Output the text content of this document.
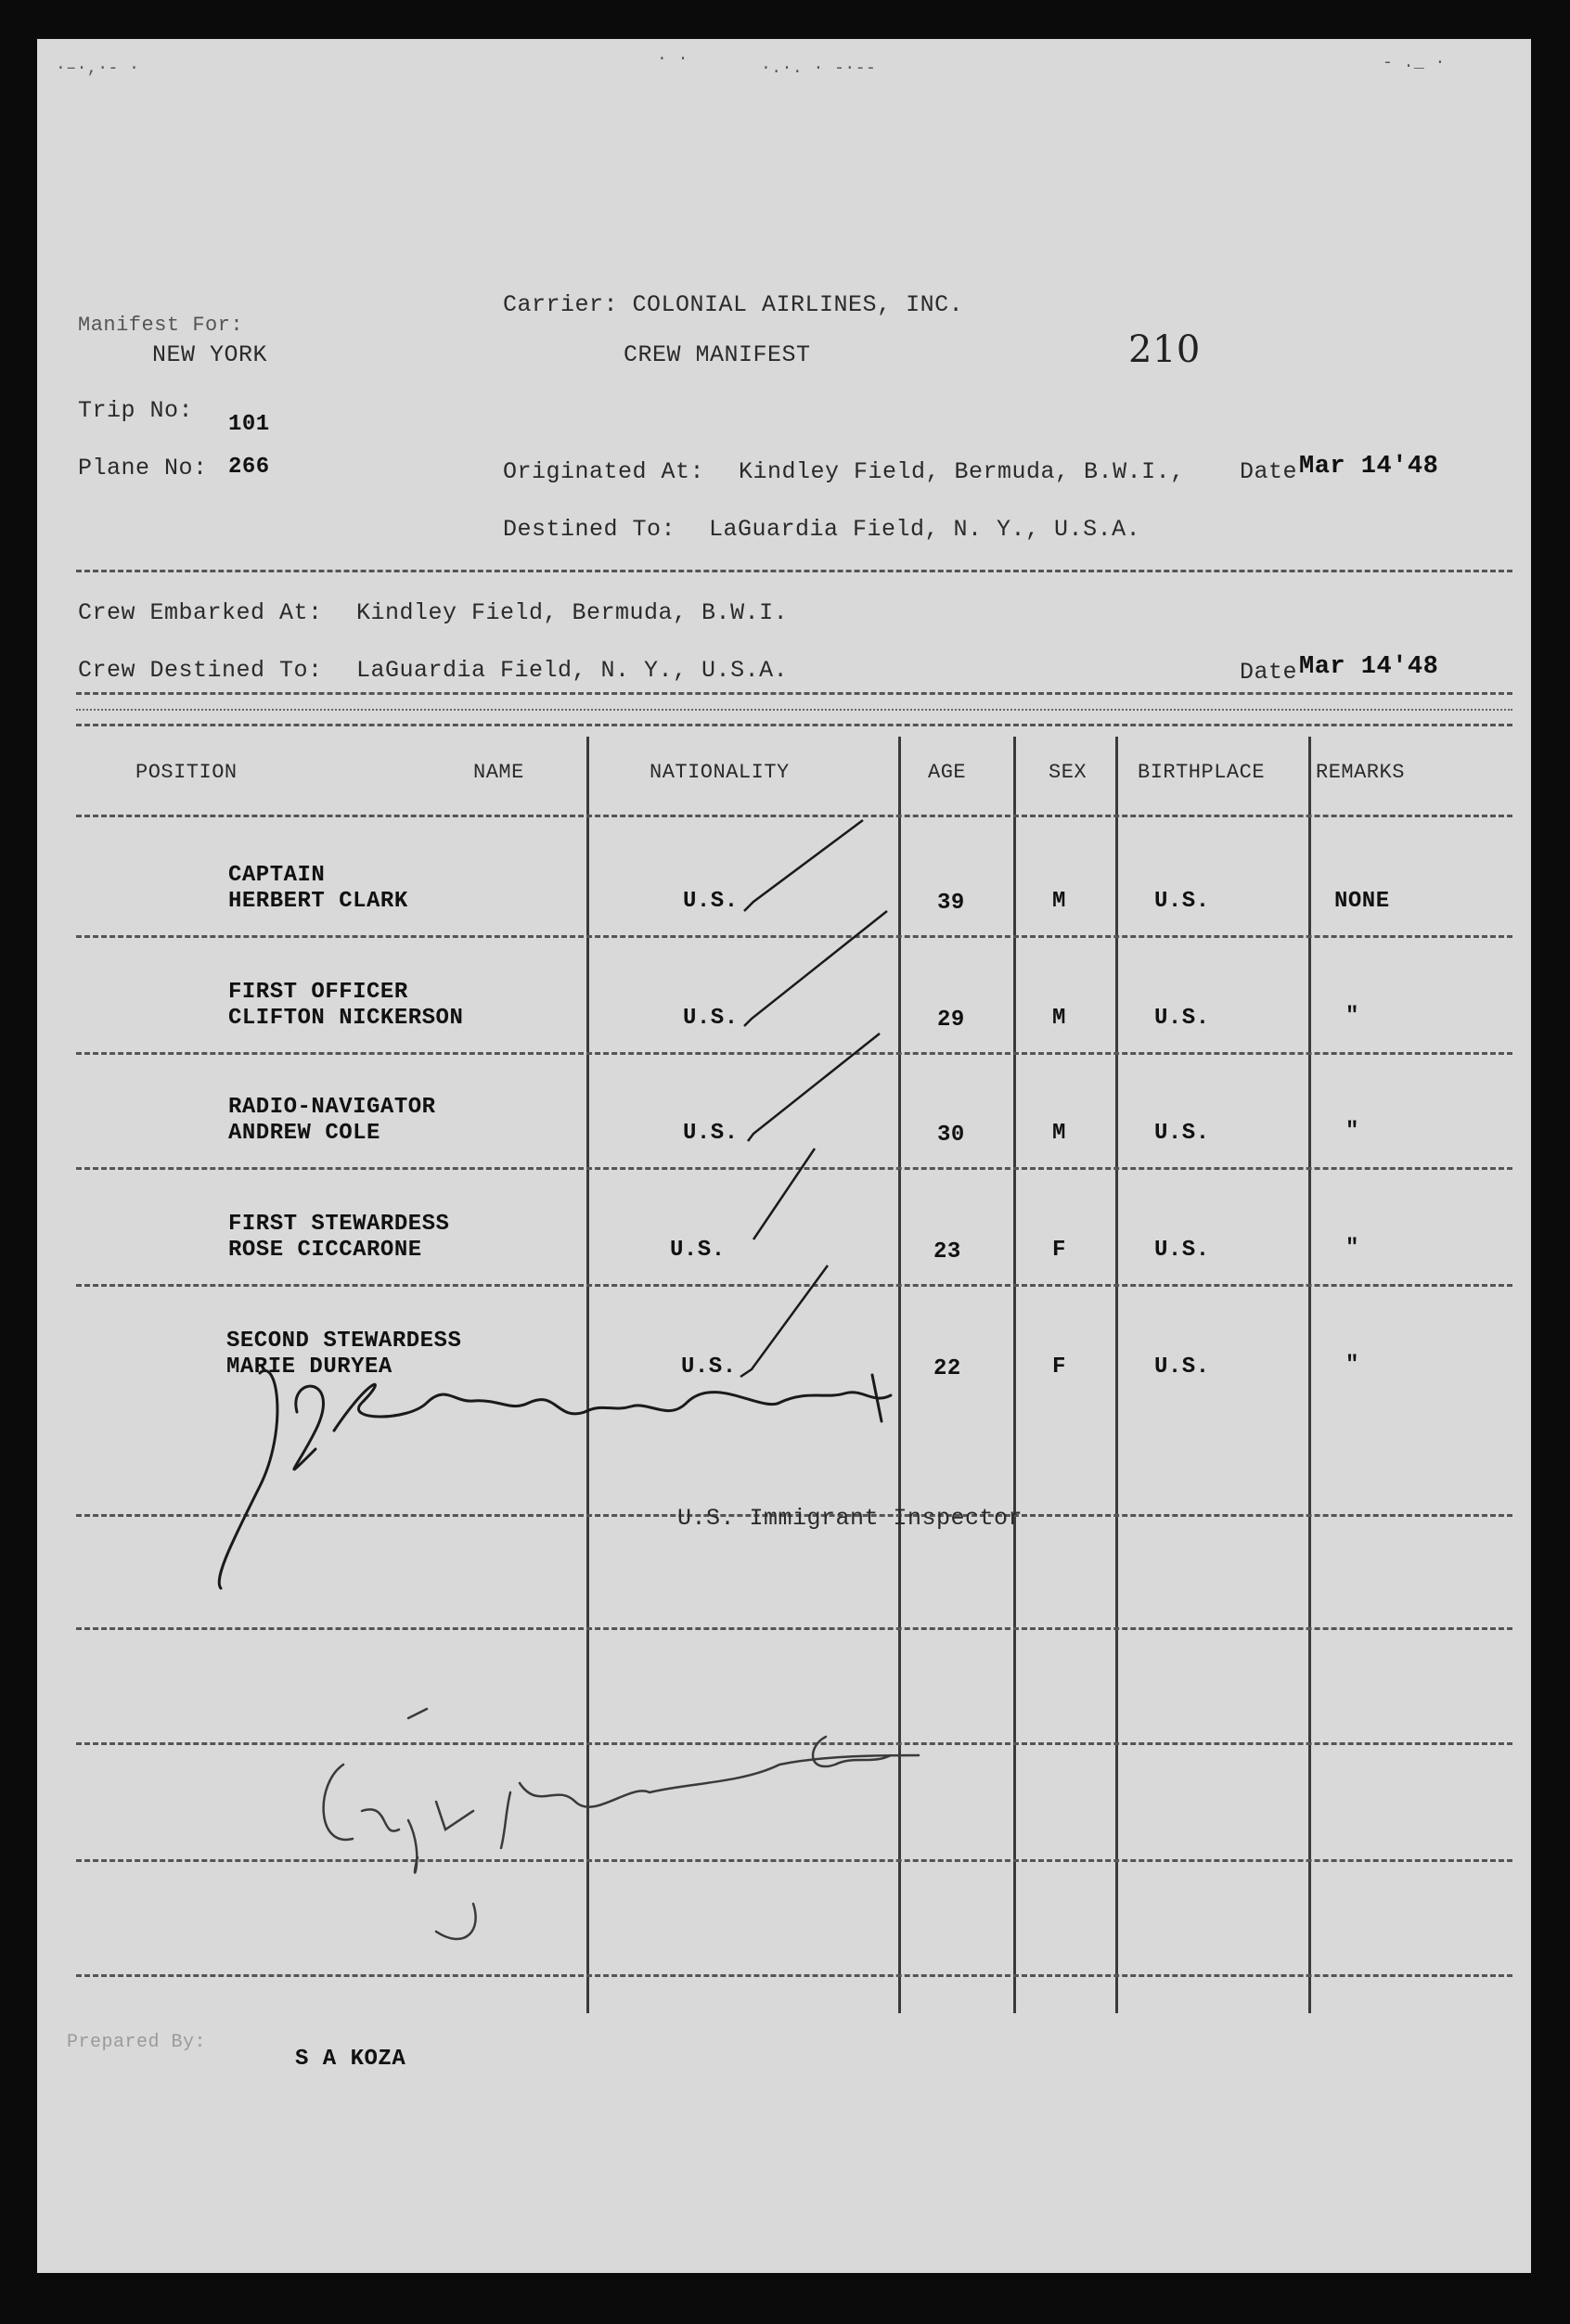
·–·,·- ·	· ·	·.·. · -·--	- ._ ·
Carrier: COLONIAL AIRLINES, INC.
Manifest For:
NEW YORK	CREW MANIFEST	210
Trip No:
101
Plane No: 266	Originated At: Kindley Field, Bermuda, B.W.I., Date Mar 14'48
Destined To: LaGuardia Field, N. Y., U.S.A.
Crew Embarked At: Kindley Field, Bermuda, B.W.I.
Crew Destined To: LaGuardia Field, N. Y., U.S.A.	Date Mar 14'48
POSITION	NAME	NATIONALITY	AGE	SEX BIRTHPLACE REMARKS
CAPTAIN
HERBERT CLARK	U.S.	39	M	U.S.	NONE
FIRST OFFICER
CLIFTON NICKERSON	U.S.	29	M	U.S.	"
RADIO-NAVIGATOR
ANDREW COLE	U.S.	30	M	U.S.	"
FIRST STEWARDESS
ROSE CICCARONE	U.S.	23	F	U.S.	"
SECOND STEWARDESS
MARIE DURYEA	U.S.	22	F	U.S.	"
U.S. Immigrant Inspector
Prepared By:
S A KOZA
